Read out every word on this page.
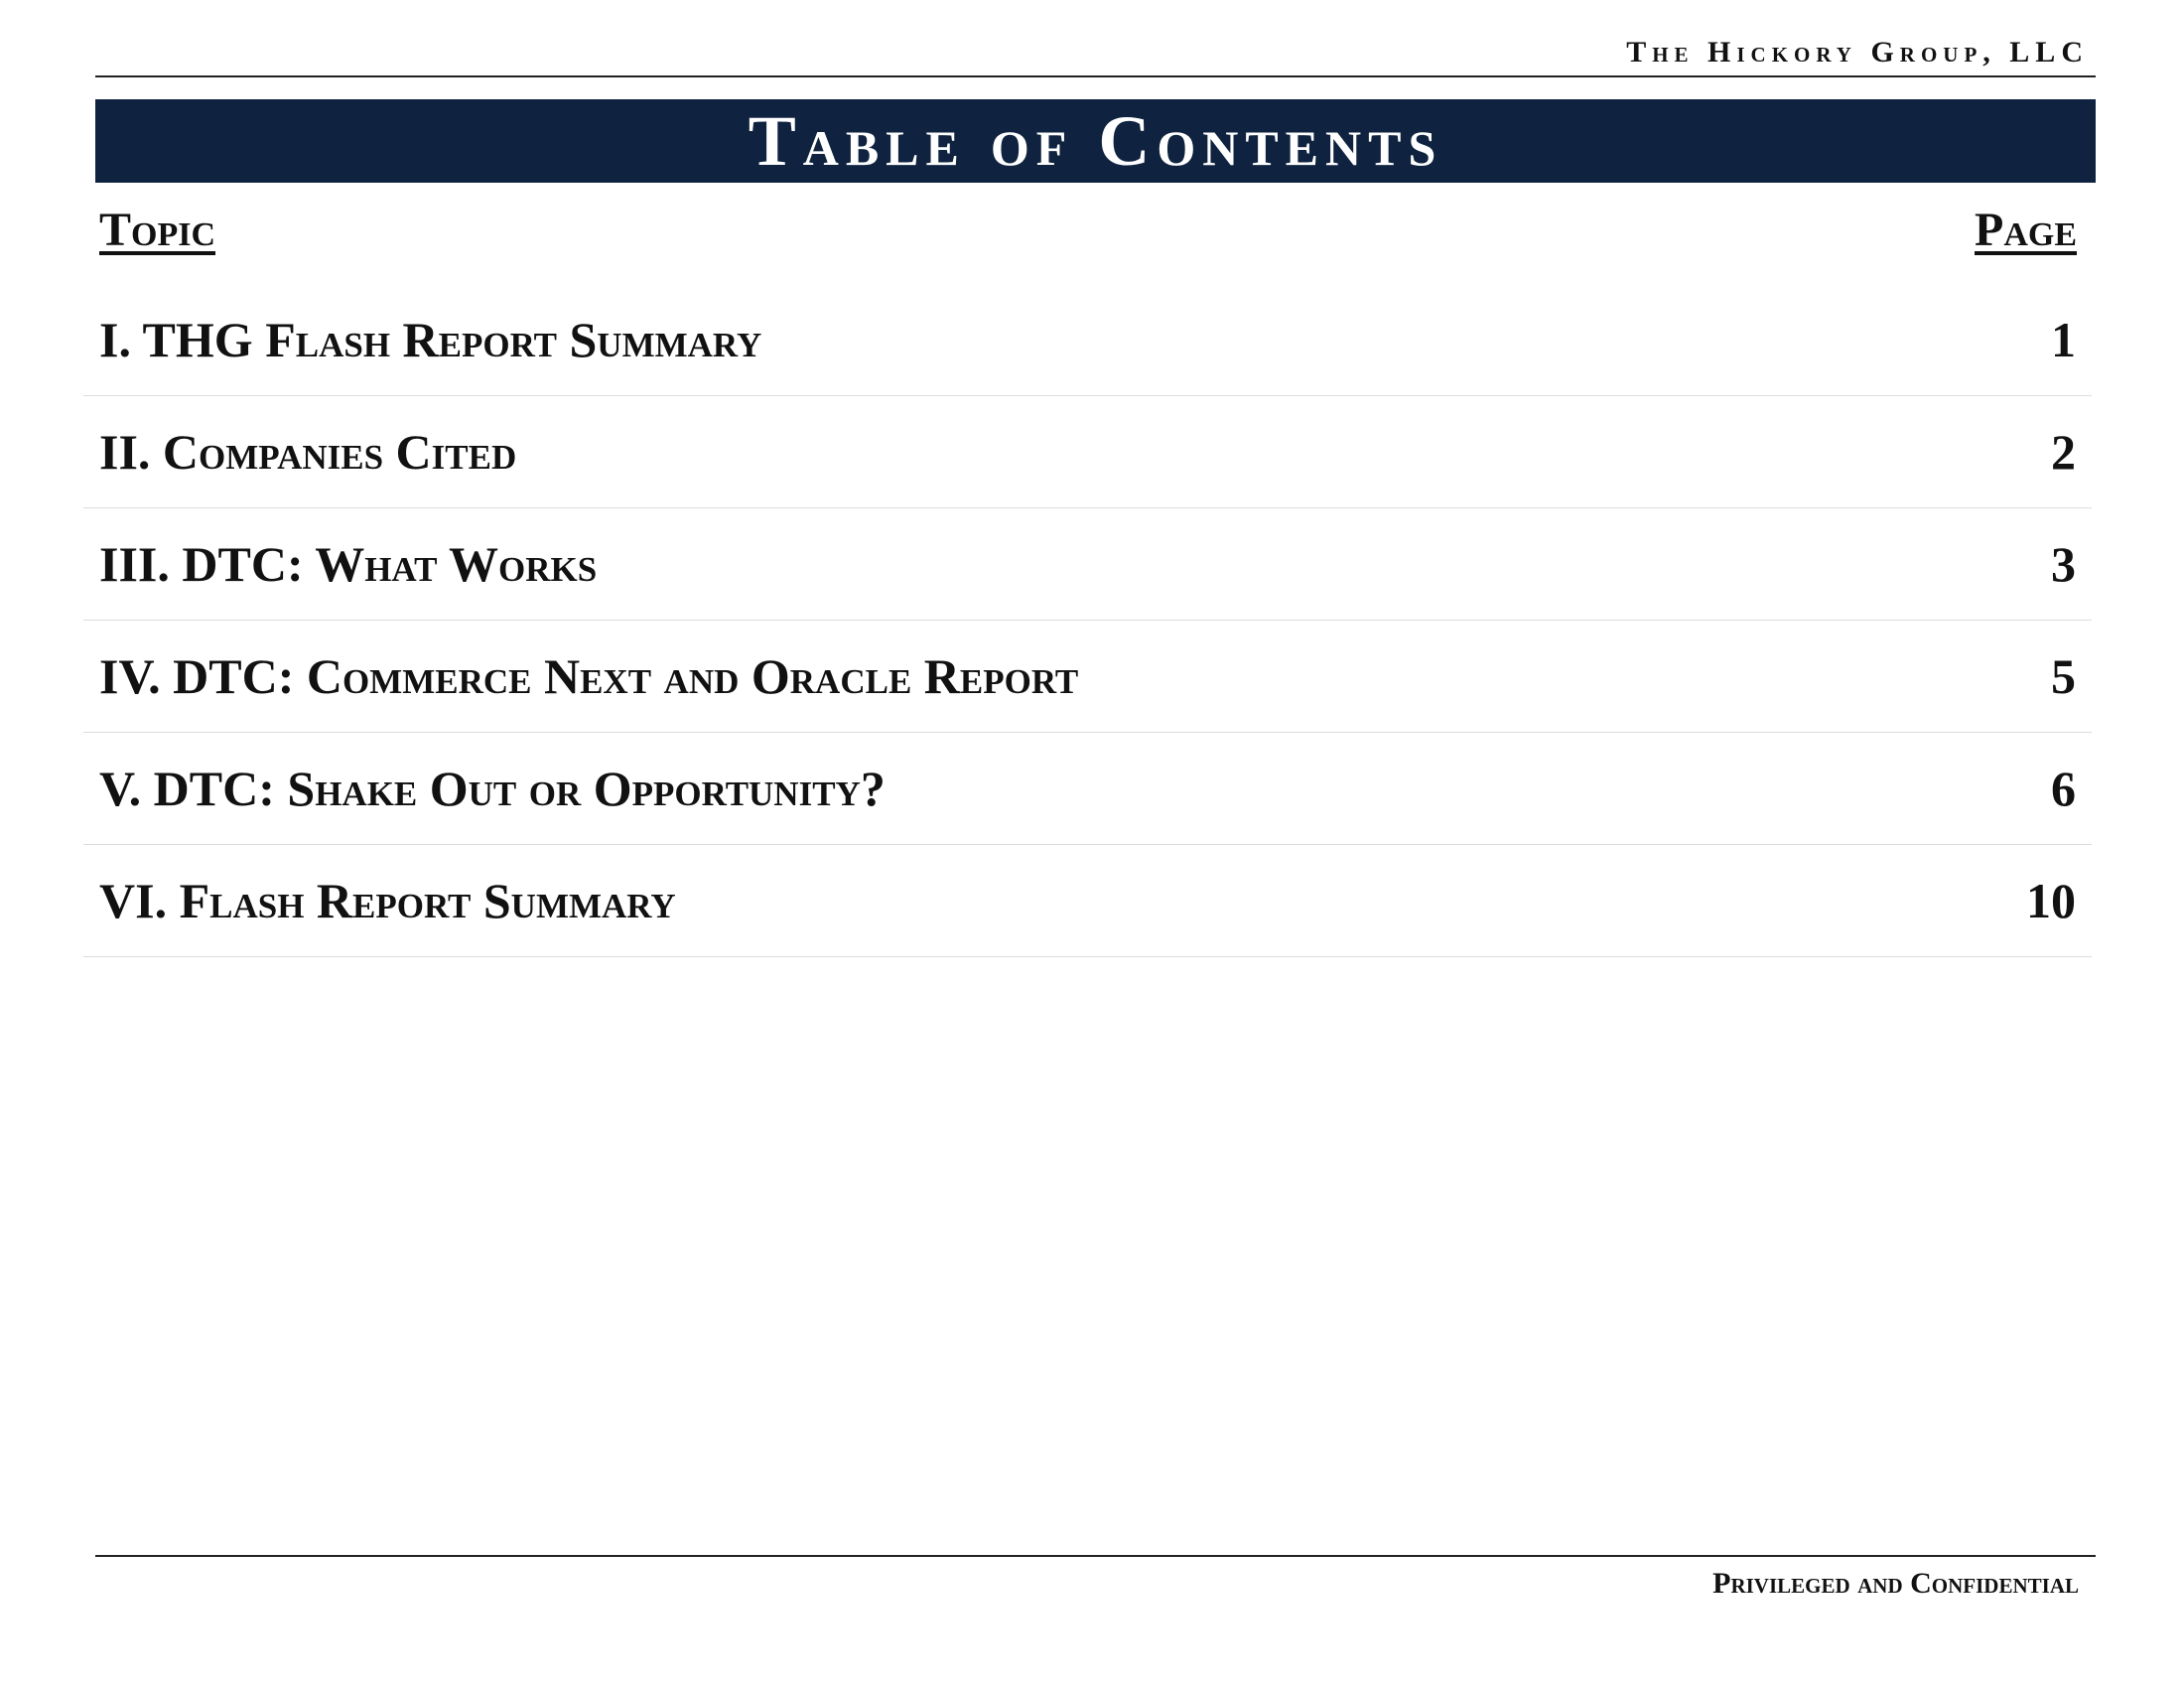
The Hickory Group, LLC
Table of Contents
Topic	Page
I. THG Flash Report Summary	1
II. Companies Cited	2
III. DTC: What Works	3
IV. DTC: Commerce Next and Oracle Report	5
V. DTC: Shake Out or Opportunity?	6
VI. Flash Report Summary	10
Privileged and Confidential
